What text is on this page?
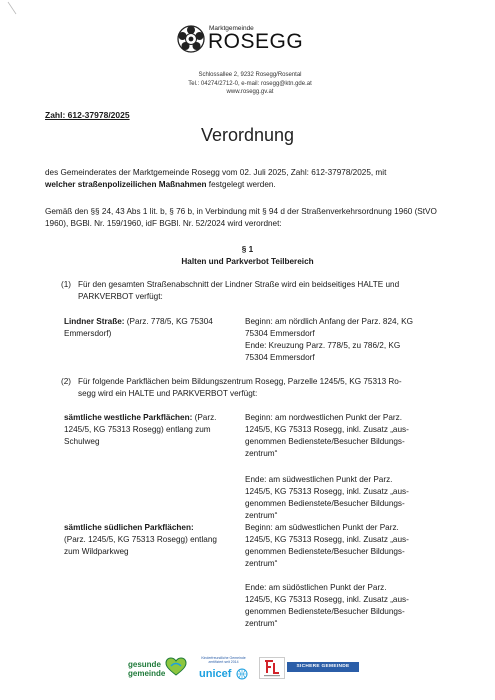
Marktgemeinde
ROSEGG
Schlossallee 2, 9232 Rosegg/Rosental
Tel.: 04274/2712-0, e-mail: rosegg@ktn.gde.at
www.rosegg.gv.at
Zahl: 612-37978/2025
Verordnung
des Gemeinderates der Marktgemeinde Rosegg vom 02. Juli 2025, Zahl: 612-37978/2025, mit
welcher straßenpolizeilichen Maßnahmen festgelegt werden.
Gemäß den §§ 24, 43 Abs 1 lit. b, § 76 b, in Verbindung mit § 94 d der Straßenverkehrsordnung 1960 (StVO 1960), BGBl. Nr. 159/1960, idF BGBl. Nr. 52/2024 wird verordnet:
§ 1
Halten und Parkverbot Teilbereich
(1) Für den gesamten Straßenabschnitt der Lindner Straße wird ein beidseitiges HALTE und PARKVERBOT verfügt:
Lindner Straße: (Parz. 778/5, KG 75304 Emmersdorf)
Beginn: am nördlich Anfang der Parz. 824, KG
75304 Emmersdorf
Ende: Kreuzung Parz. 778/5, zu 786/2, KG
75304 Emmersdorf
(2) Für folgende Parkflächen beim Bildungszentrum Rosegg, Parzelle 1245/5, KG 75313 Ro-
segg wird ein HALTE und PARKVERBOT verfügt:
sämtliche westliche Parkflächen: (Parz. 1245/5, KG 75313 Rosegg) entlang zum Schulweg
Beginn: am nordwestlichen Punkt der Parz.
1245/5, KG 75313 Rosegg, inkl. Zusatz „aus-
genommen Bedienstete/Besucher Bildungs-
zentrum“
Ende: am südwestlichen Punkt der Parz.
1245/5, KG 75313 Rosegg, inkl. Zusatz „aus-
genommen Bedienstete/Besucher Bildungs-
zentrum“
sämtliche südlichen Parkflächen:
(Parz. 1245/5, KG 75313 Rosegg) entlang zum Wildparkweg
Beginn: am südwestlichen Punkt der Parz.
1245/5, KG 75313 Rosegg, inkl. Zusatz „aus-
genommen Bedienstete/Besucher Bildungs-
zentrum“
Ende: am südöstlichen Punkt der Parz.
1245/5, KG 75313 Rosegg, inkl. Zusatz „aus-
genommen Bedienstete/Besucher Bildungs-
zentrum“
gesunde
gemeinde
Kinderfreundliche Gemeinde zertifiziert seit 2014
unicef
SICHERE GEMEINDE
